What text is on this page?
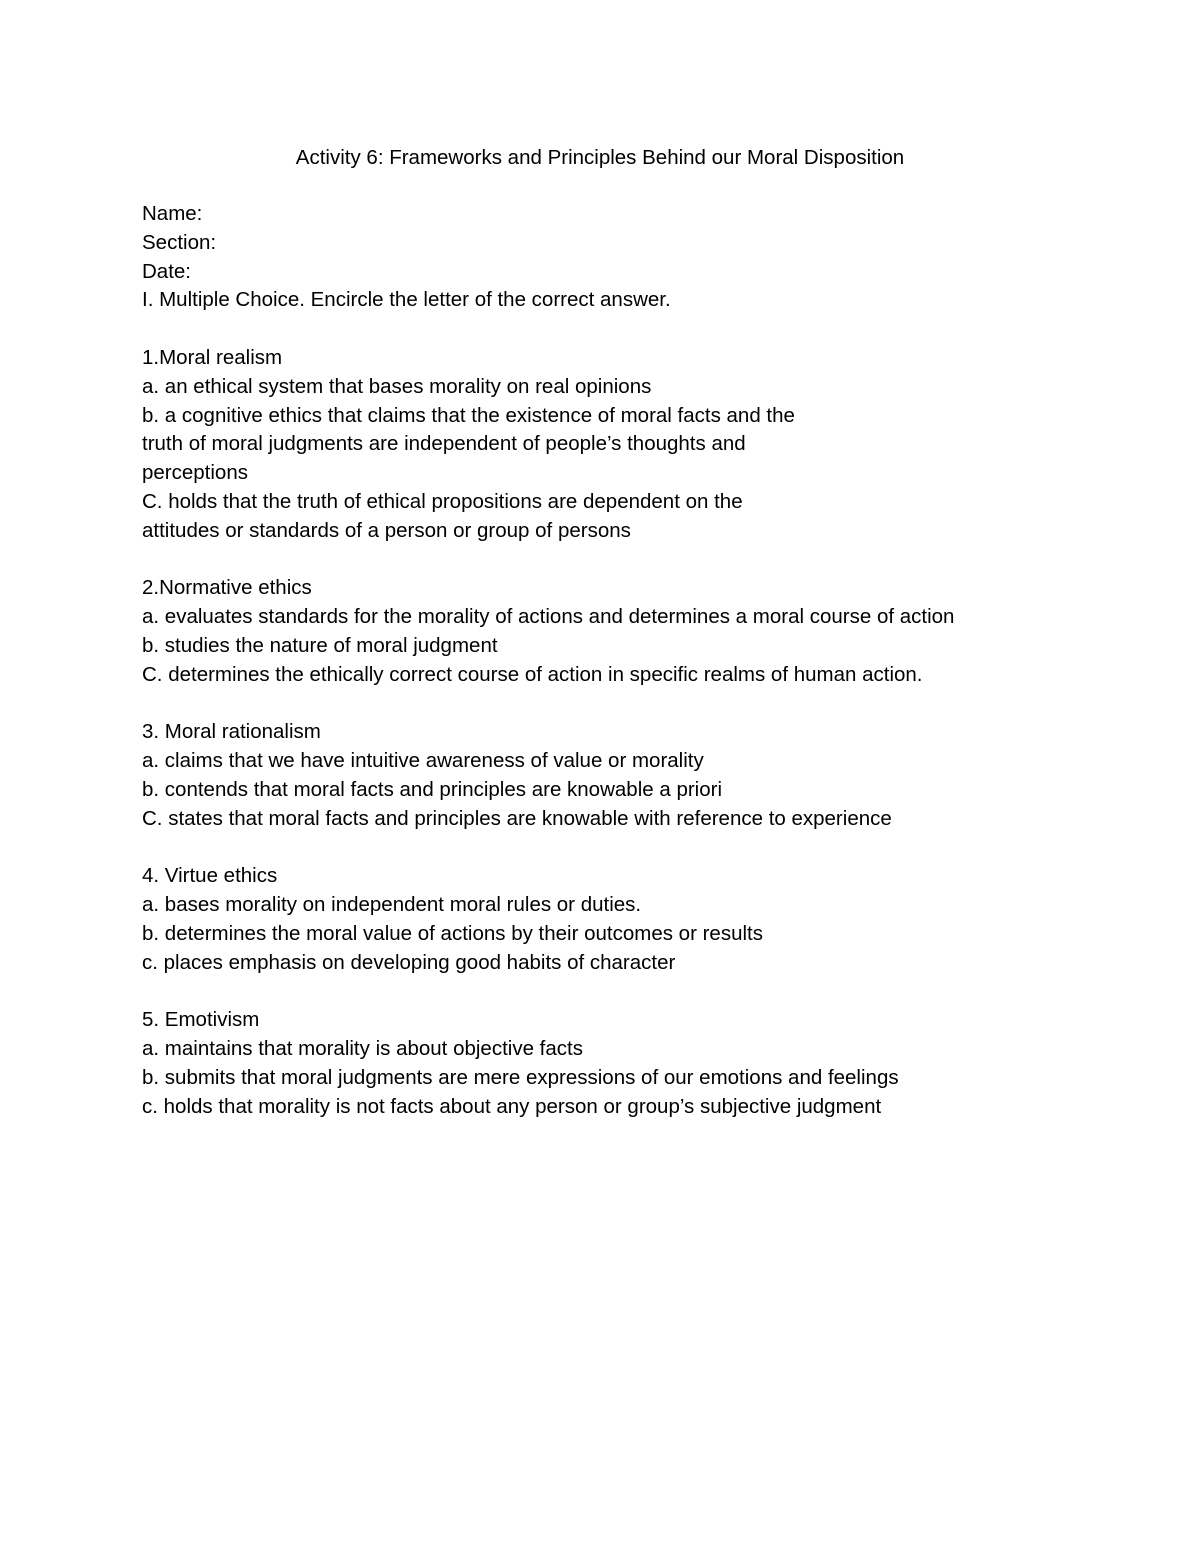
Activity 6: Frameworks and Principles Behind our Moral Disposition
Name:
Section:
Date:
I. Multiple Choice. Encircle the letter of the correct answer.
1.Moral realism
a. an ethical system that bases morality on real opinions
b. a cognitive ethics that claims that the existence of moral facts and the
truth of moral judgments are independent of people’s thoughts and
perceptions
C. holds that the truth of ethical propositions are dependent on the
attitudes or standards of a person or group of persons
2.Normative ethics
a. evaluates standards for the morality of actions and determines a moral course of action
b. studies the nature of moral judgment
C. determines the ethically correct course of action in specific realms of human action.
3. Moral rationalism
a. claims that we have intuitive awareness of value or morality
b. contends that moral facts and principles are knowable a priori
C. states that moral facts and principles are knowable with reference to experience
4. Virtue ethics
a. bases morality on independent moral rules or duties.
b. determines the moral value of actions by their outcomes or results
c. places emphasis on developing good habits of character
5. Emotivism
a. maintains that morality is about objective facts
b. submits that moral judgments are mere expressions of our emotions and feelings
c. holds that morality is not facts about any person or group’s subjective judgment
